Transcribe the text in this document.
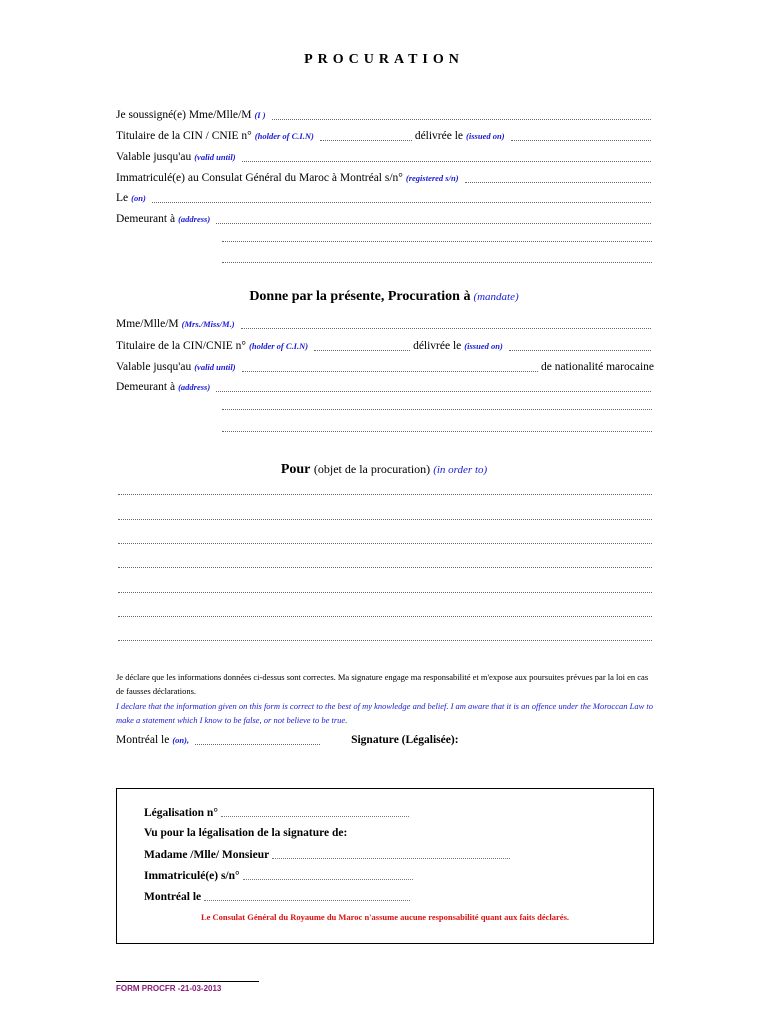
PROCURATION
Je soussigné(e) Mme/Mlle/M (I )
Titulaire de la CIN / CNIE n° (holder of C.I.N)	délivrée le (issued on)
Valable jusqu'au (valid until)
Immatriculé(e) au Consulat Général du Maroc à Montréal s/n° (registered s/n)
Le (on)
Demeurant à (address)
Donne par la présente, Procuration à (mandate)
Mme/Mlle/M (Mrs./Miss/M.)
Titulaire de la CIN/CNIE n° (holder of C.I.N)	délivrée le (issued on)
Valable jusqu'au (valid until)	de nationalité marocaine
Demeurant à (address)
Pour (objet de la procuration) (in order to)
Je déclare que les informations données ci-dessus sont correctes. Ma signature engage ma responsabilité et m'expose aux poursuites prévues par la loi en cas de fausses déclarations.
I declare that the information given on this form is correct to the best of my knowledge and belief. I am aware that it is an offence under the Moroccan Law to make a statement which I know to be false, or not believe to be true.
Montréal le (on),	Signature (Légalisée):
Légalisation n°
Vu pour la légalisation de la signature de:
Madame /Mlle/ Monsieur
Immatriculé(e) s/n°
Montréal le
Le Consulat Général du Royaume du Maroc n'assume aucune responsabilité quant aux faits déclarés.
FORM PROCFR -21-03-2013
